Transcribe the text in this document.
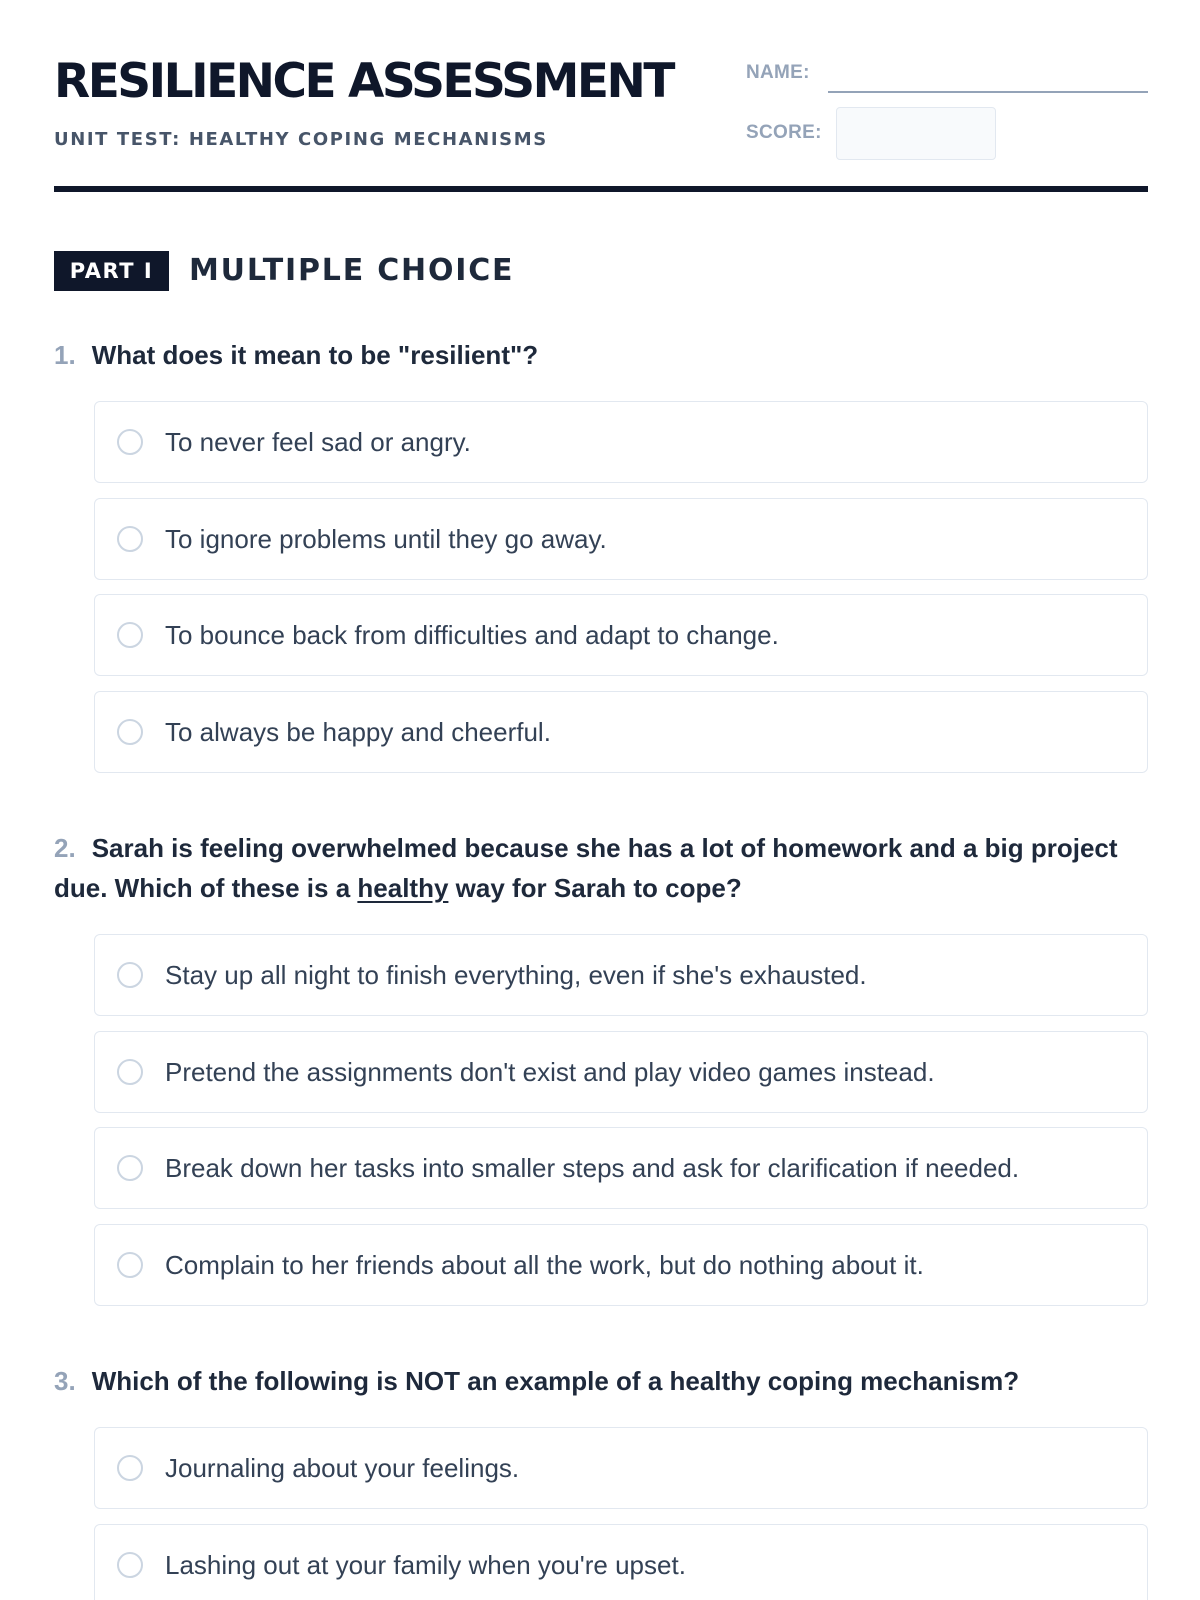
RESILIENCE ASSESSMENT
UNIT TEST: HEALTHY COPING MECHANISMS
NAME:
SCORE:
PART I	MULTIPLE CHOICE
1. What does it mean to be "resilient"?
To never feel sad or angry.
To ignore problems until they go away.
To bounce back from difficulties and adapt to change.
To always be happy and cheerful.
2. Sarah is feeling overwhelmed because she has a lot of homework and a big project due. Which of these is a healthy way for Sarah to cope?
Stay up all night to finish everything, even if she's exhausted.
Pretend the assignments don't exist and play video games instead.
Break down her tasks into smaller steps and ask for clarification if needed.
Complain to her friends about all the work, but do nothing about it.
3. Which of the following is NOT an example of a healthy coping mechanism?
Journaling about your feelings.
Lashing out at your family when you're upset.
